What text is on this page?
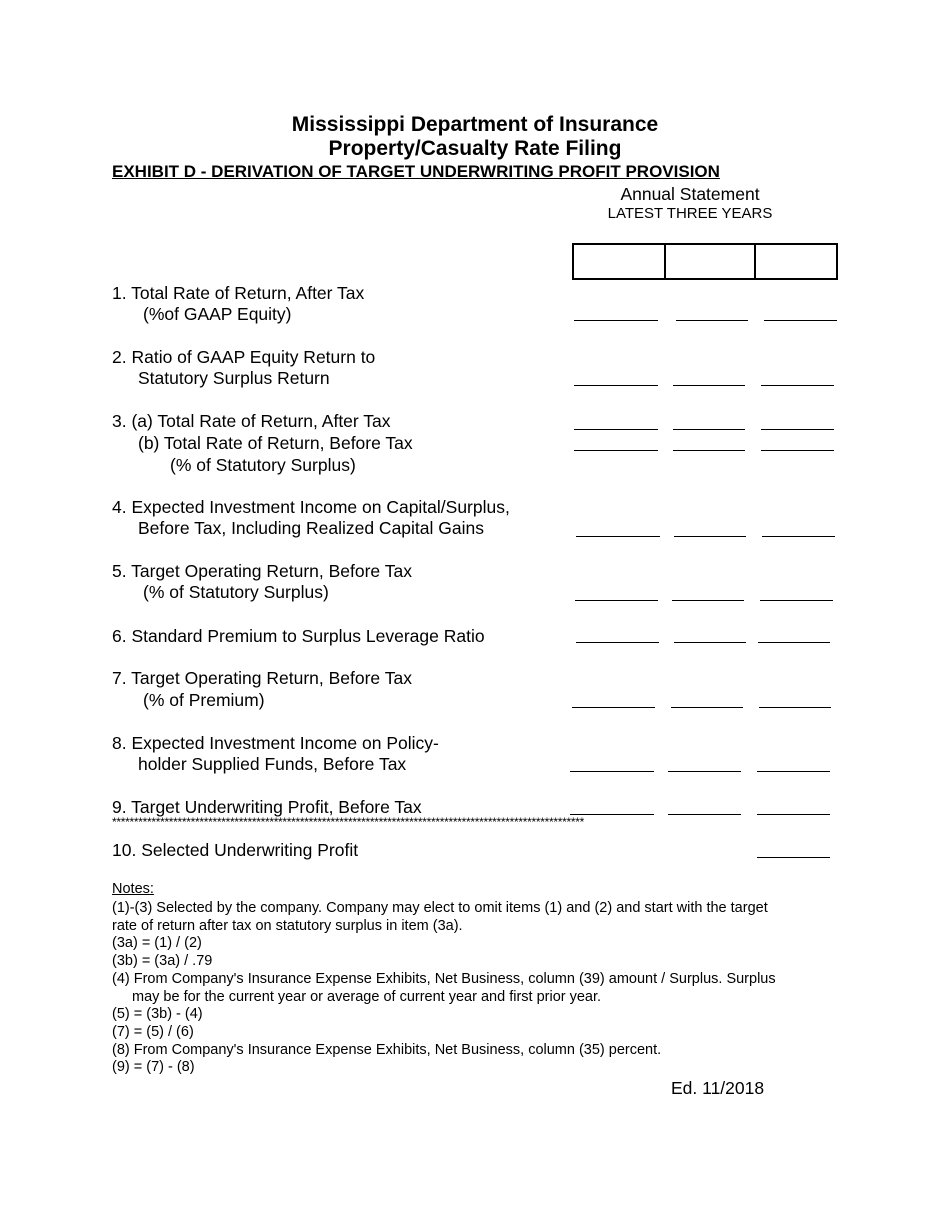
Mississippi Department of Insurance
Property/Casualty Rate Filing
EXHIBIT D - DERIVATION OF TARGET UNDERWRITING PROFIT PROVISION
Annual Statement
LATEST THREE YEARS
1. Total Rate of Return, After Tax
(%of GAAP Equity)
2. Ratio of GAAP Equity Return to
Statutory Surplus Return
3. (a) Total Rate of Return, After Tax
(b) Total Rate of Return, Before Tax
(% of Statutory Surplus)
4. Expected Investment Income on Capital/Surplus,
Before Tax, Including Realized Capital Gains
5. Target Operating Return, Before Tax
(% of Statutory Surplus)
6. Standard Premium to Surplus Leverage Ratio
7. Target Operating Return, Before Tax
(% of Premium)
8. Expected Investment Income on Policy-
holder Supplied Funds, Before Tax
9. Target Underwriting Profit, Before Tax
************************************************************************************************************
10. Selected Underwriting Profit
Notes:
(1)-(3) Selected by the company. Company may elect to omit items (1) and (2) and start with the target
rate of return after tax on statutory surplus in item (3a).
(3a) = (1) / (2)
(3b) = (3a) / .79
(4) From Company's Insurance Expense Exhibits, Net Business, column (39) amount / Surplus. Surplus
may be for the current year or average of current year and first prior year.
(5) = (3b) - (4)
(7) = (5) / (6)
(8) From Company's Insurance Expense Exhibits, Net Business, column (35) percent.
(9) = (7) - (8)
Ed. 11/2018
